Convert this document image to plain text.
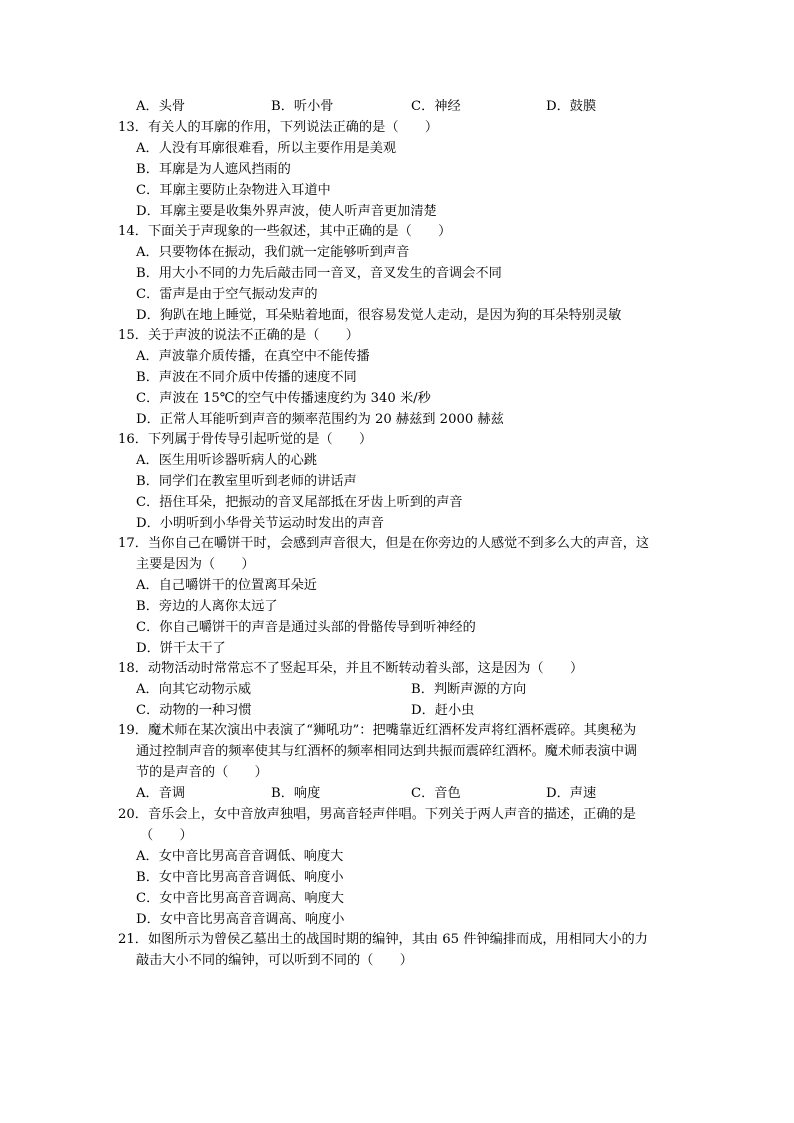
A．头骨	B．听小骨	C．神经	D．鼓膜
13．有关人的耳廓的作用，下列说法正确的是（　　）
A．人没有耳廓很难看，所以主要作用是美观
B．耳廓是为人遮风挡雨的
C．耳廓主要防止杂物进入耳道中
D．耳廓主要是收集外界声波，使人听声音更加清楚
14．下面关于声现象的一些叙述，其中正确的是（　　）
A．只要物体在振动，我们就一定能够听到声音
B．用大小不同的力先后敲击同一音叉，音叉发生的音调会不同
C．雷声是由于空气振动发声的
D．狗趴在地上睡觉，耳朵贴着地面，很容易发觉人走动，是因为狗的耳朵特别灵敏
15．关于声波的说法不正确的是（　　）
A．声波靠介质传播，在真空中不能传播
B．声波在不同介质中传播的速度不同
C．声波在 15℃的空气中传播速度约为 340 米/秒
D．正常人耳能听到声音的频率范围约为 20 赫兹到 2000 赫兹
16．下列属于骨传导引起听觉的是（　　）
A．医生用听诊器听病人的心跳
B．同学们在教室里听到老师的讲话声
C．捂住耳朵，把振动的音叉尾部抵在牙齿上听到的声音
D．小明听到小华骨关节运动时发出的声音
17．当你自己在嚼饼干时，会感到声音很大，但是在你旁边的人感觉不到多么大的声音，这
主要是因为（　　）
A．自己嚼饼干的位置离耳朵近
B．旁边的人离你太远了
C．你自己嚼饼干的声音是通过头部的骨骼传导到听神经的
D．饼干太干了
18．动物活动时常常忘不了竖起耳朵，并且不断转动着头部，这是因为（　　）
A．向其它动物示威	B．判断声源的方向
C．动物的一种习惯	D．赶小虫
19．魔术师在某次演出中表演了“狮吼功”：把嘴靠近红酒杯发声将红酒杯震碎。其奥秘为
通过控制声音的频率使其与红酒杯的频率相同达到共振而震碎红酒杯。魔术师表演中调
节的是声音的（　　）
A．音调	B．响度	C．音色	D．声速
20．音乐会上，女中音放声独唱，男高音轻声伴唱。下列关于两人声音的描述，正确的是
（　　）
A．女中音比男高音音调低、响度大
B．女中音比男高音音调低、响度小
C．女中音比男高音音调高、响度大
D．女中音比男高音音调高、响度小
21．如图所示为曾侯乙墓出土的战国时期的编钟，其由 65 件钟编排而成，用相同大小的力
敲击大小不同的编钟，可以听到不同的（　　）
